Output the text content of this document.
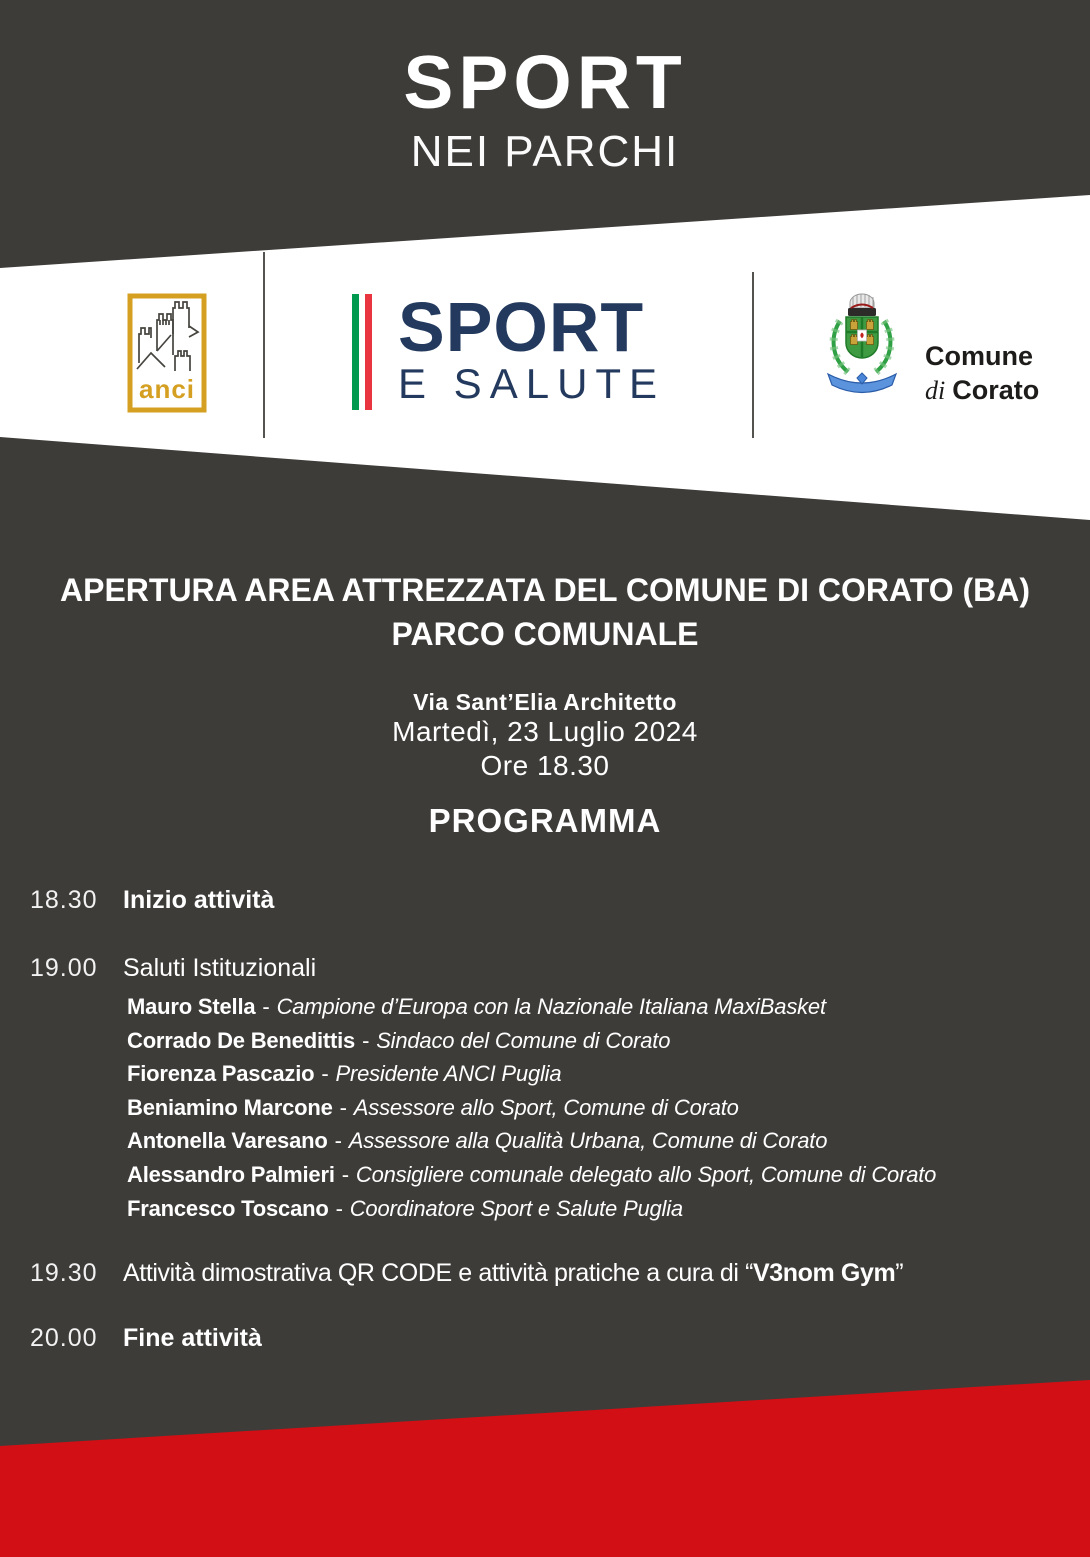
SPORT
NEI PARCHI
anci
SPORT
E SALUTE
Comune
di Corato
APERTURA AREA ATTREZZATA DEL COMUNE DI CORATO (BA)
PARCO COMUNALE
Via Sant’Elia Architetto
Martedì, 23 Luglio 2024
Ore 18.30
PROGRAMMA
18.30 Inizio attività
19.00 Saluti Istituzionali
Mauro Stella - Campione d’Europa con la Nazionale Italiana MaxiBasket
Corrado De Benedittis - Sindaco del Comune di Corato
Fiorenza Pascazio - Presidente ANCI Puglia
Beniamino Marcone - Assessore allo Sport, Comune di Corato
Antonella Varesano - Assessore alla Qualità Urbana, Comune di Corato
Alessandro Palmieri - Consigliere comunale delegato allo Sport, Comune di Corato
Francesco Toscano - Coordinatore Sport e Salute Puglia
19.30 Attività dimostrativa QR CODE e attività pratiche a cura di “V3nom Gym”
20.00 Fine attività
